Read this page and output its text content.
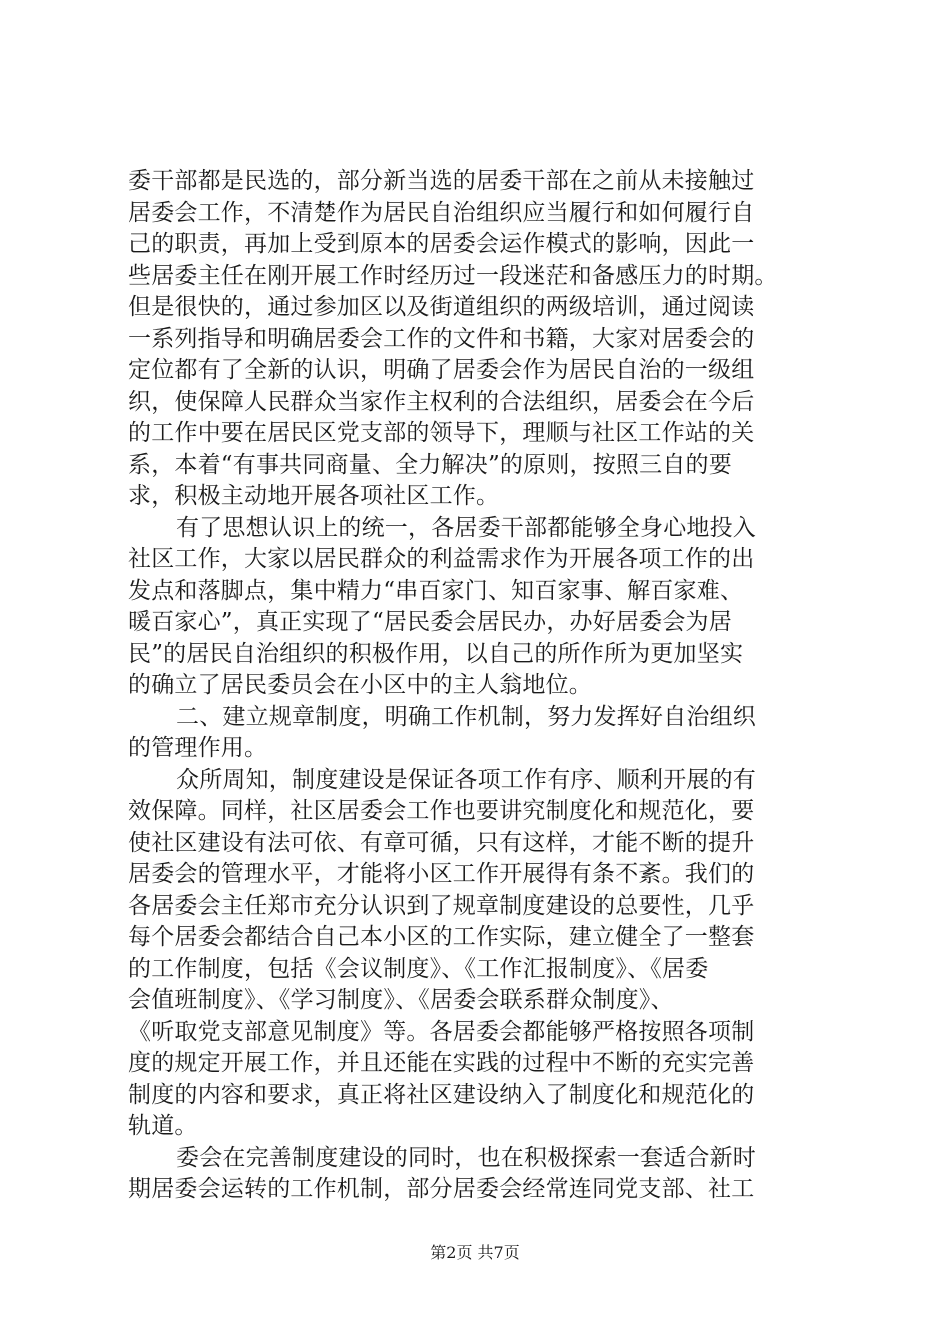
委干部都是民选的，部分新当选的居委干部在之前从未接触过
居委会工作，不清楚作为居民自治组织应当履行和如何履行自
己的职责，再加上受到原本的居委会运作模式的影响，因此一
些居委主任在刚开展工作时经历过一段迷茫和备感压力的时期。
但是很快的，通过参加区以及街道组织的两级培训，通过阅读
一系列指导和明确居委会工作的文件和书籍，大家对居委会的
定位都有了全新的认识，明确了居委会作为居民自治的一级组
织，使保障人民群众当家作主权利的合法组织，居委会在今后
的工作中要在居民区党支部的领导下，理顺与社区工作站的关
系，本着“有事共同商量、全力解决”的原则，按照三自的要
求，积极主动地开展各项社区工作。
有了思想认识上的统一，各居委干部都能够全身心地投入
社区工作，大家以居民群众的利益需求作为开展各项工作的出
发点和落脚点，集中精力“串百家门、知百家事、解百家难、
暖百家心”，真正实现了“居民委会居民办，办好居委会为居
民”的居民自治组织的积极作用，以自己的所作所为更加坚实
的确立了居民委员会在小区中的主人翁地位。
二、建立规章制度，明确工作机制，努力发挥好自治组织
的管理作用。
众所周知，制度建设是保证各项工作有序、顺利开展的有
效保障。同样，社区居委会工作也要讲究制度化和规范化，要
使社区建设有法可依、有章可循，只有这样，才能不断的提升
居委会的管理水平，才能将小区工作开展得有条不紊。我们的
各居委会主任郑市充分认识到了规章制度建设的总要性，几乎
每个居委会都结合自己本小区的工作实际，建立健全了一整套
的工作制度，包括《会议制度》、《工作汇报制度》、《居委
会值班制度》、《学习制度》、《居委会联系群众制度》、
《听取党支部意见制度》等。各居委会都能够严格按照各项制
度的规定开展工作，并且还能在实践的过程中不断的充实完善
制度的内容和要求，真正将社区建设纳入了制度化和规范化的
轨道。
委会在完善制度建设的同时，也在积极探索一套适合新时
期居委会运转的工作机制，部分居委会经常连同党支部、社工
第2页 共7页
